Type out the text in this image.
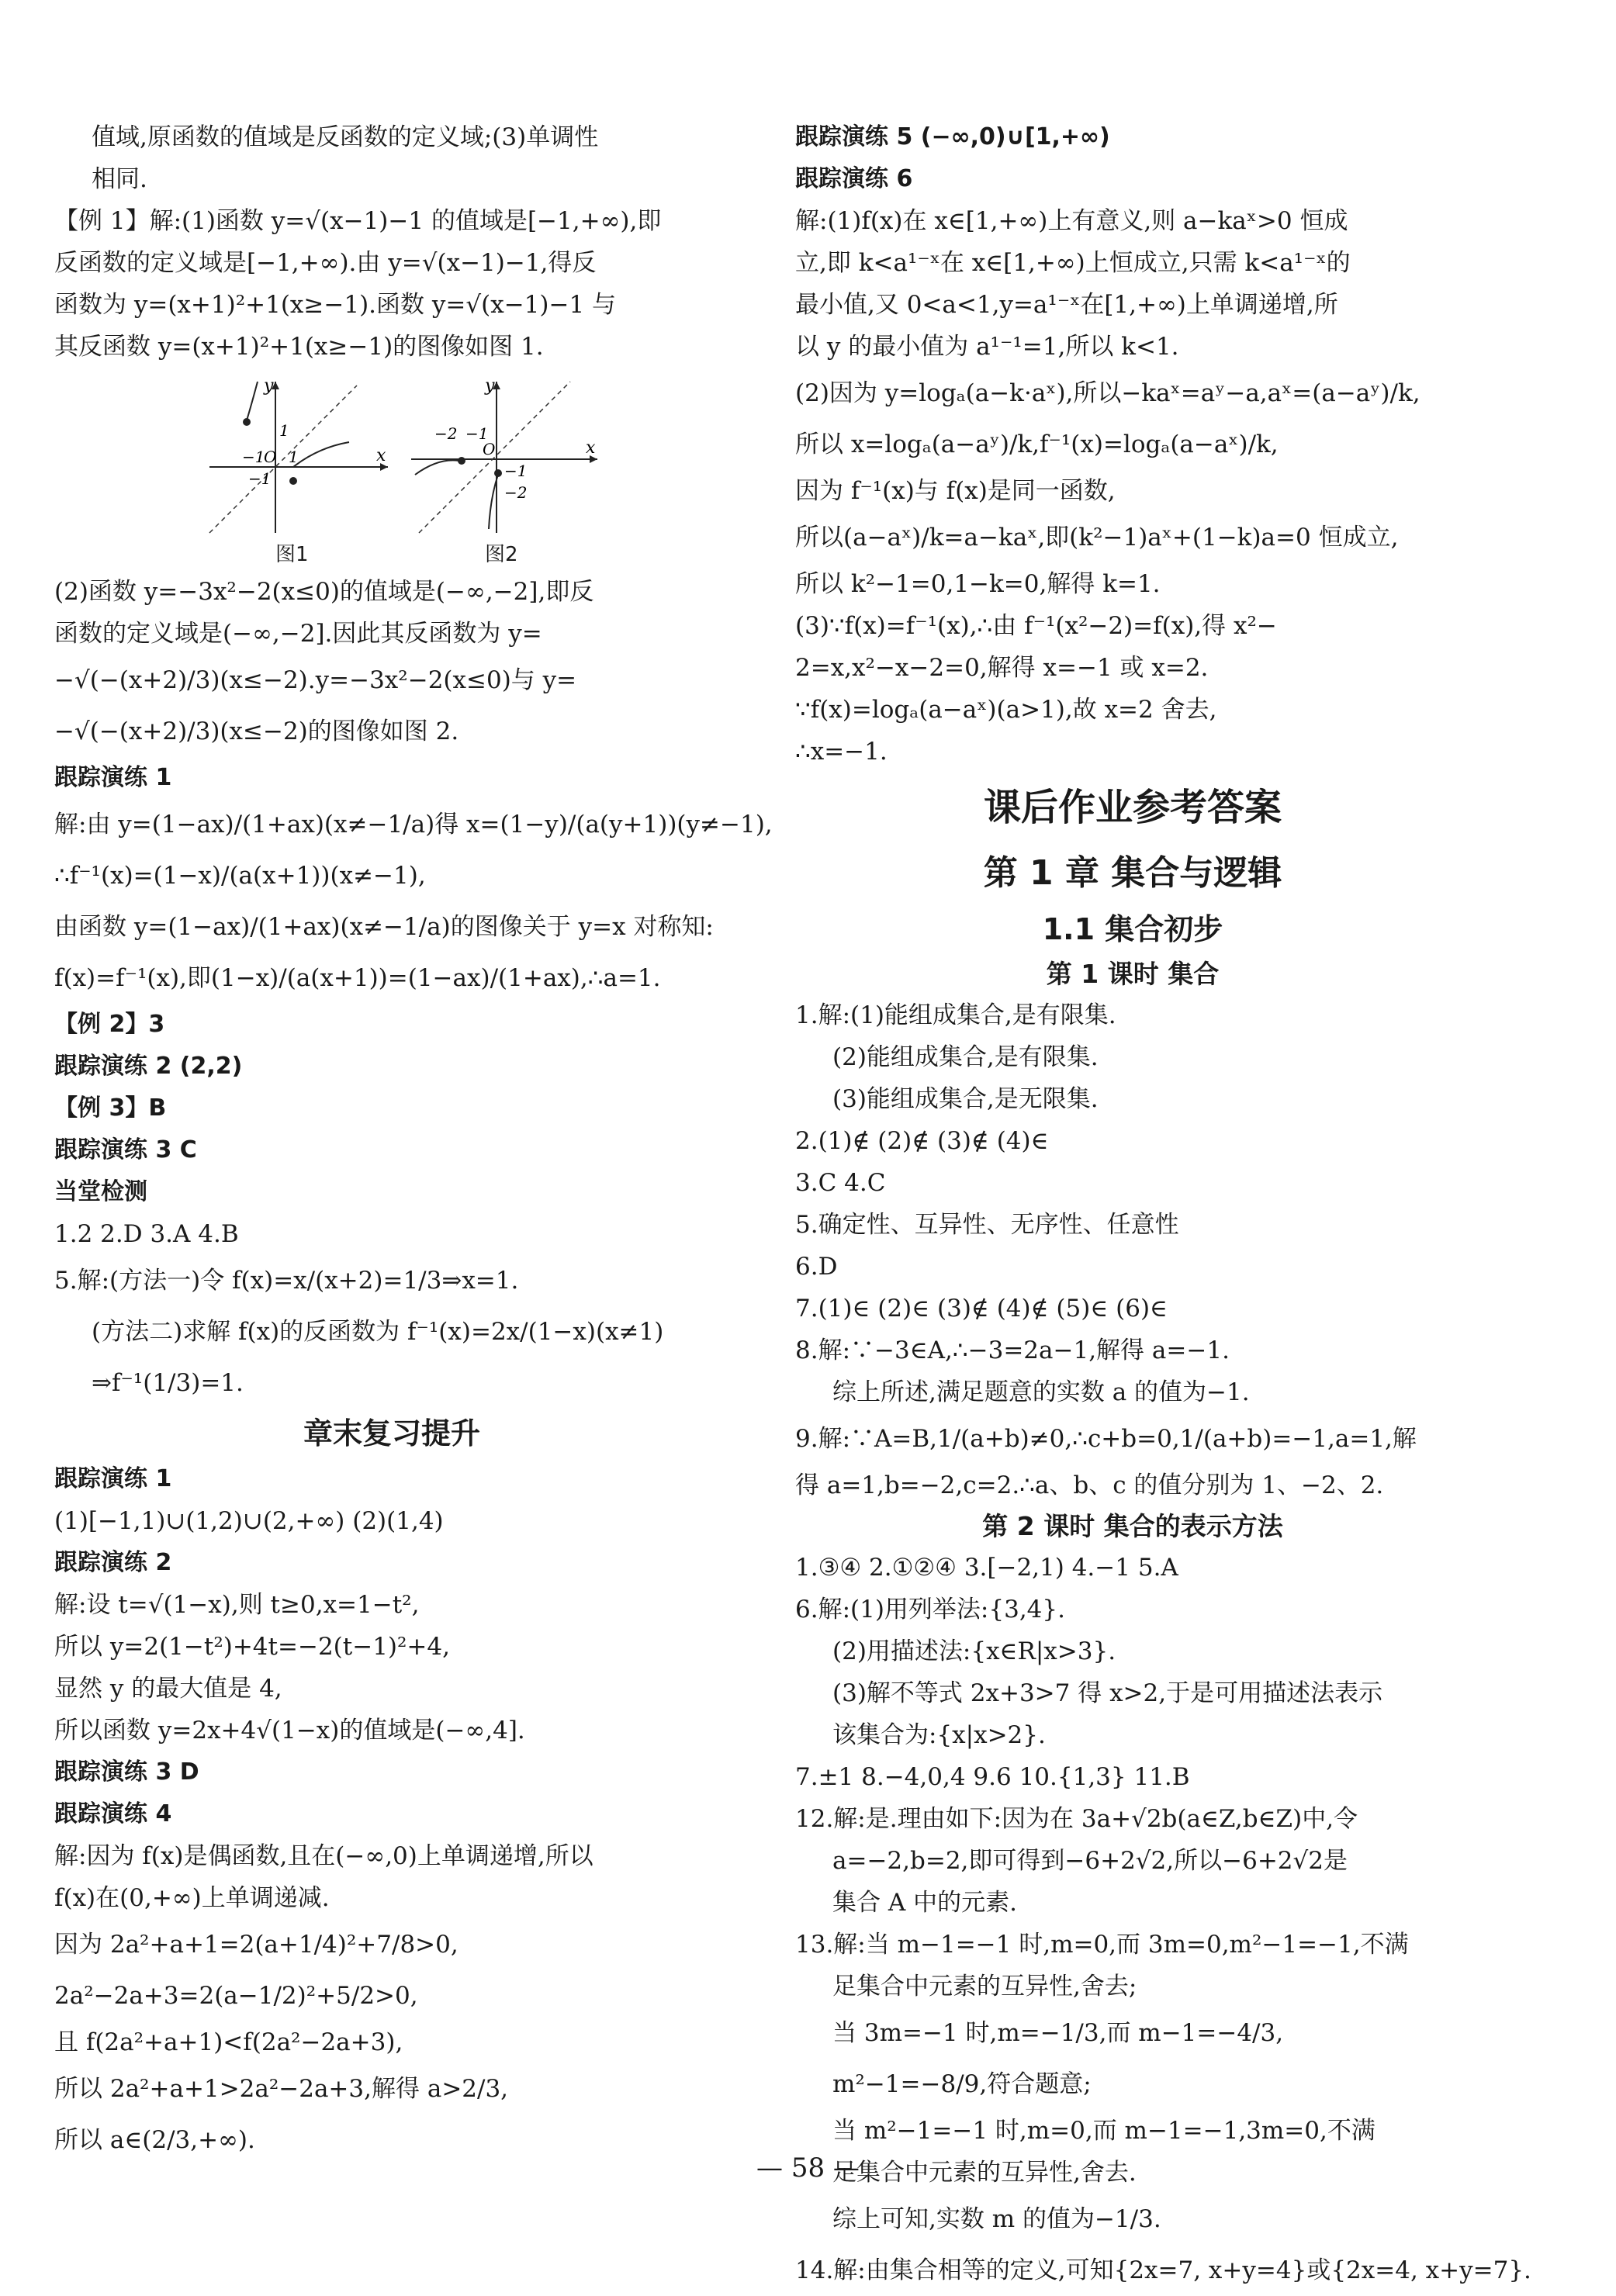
值域,原函数的值域是反函数的定义域;(3)单调性
相同.
【例 1】解:(1)函数 y=√(x−1)−1 的值域是[−1,+∞),即
反函数的定义域是[−1,+∞).由 y=√(x−1)−1,得反
函数为 y=(x+1)²+1(x≥−1).函数 y=√(x−1)−1 与
其反函数 y=(x+1)²+1(x≥−1)的图像如图 1.
y
1
−1
O 1
−1
x
图1
y
−2 −1
O	x
−1
−2
图2
(2)函数 y=−3x²−2(x≤0)的值域是(−∞,−2],即反
函数的定义域是(−∞,−2].因此其反函数为 y=
−√(−(x+2)/3)(x≤−2).y=−3x²−2(x≤0)与 y=
−√(−(x+2)/3)(x≤−2)的图像如图 2.
跟踪演练 1
解:由 y=(1−ax)/(1+ax)(x≠−1/a)得 x=(1−y)/(a(y+1))(y≠−1),
∴f⁻¹(x)=(1−x)/(a(x+1))(x≠−1),
由函数 y=(1−ax)/(1+ax)(x≠−1/a)的图像关于 y=x 对称知:
f(x)=f⁻¹(x),即(1−x)/(a(x+1))=(1−ax)/(1+ax),∴a=1.
【例 2】3
跟踪演练 2 (2,2)
【例 3】B
跟踪演练 3 C
当堂检测
1.2 2.D 3.A 4.B
5.解:(方法一)令 f(x)=x/(x+2)=1/3⇒x=1.
(方法二)求解 f(x)的反函数为 f⁻¹(x)=2x/(1−x)(x≠1)
⇒f⁻¹(1/3)=1.
章末复习提升
跟踪演练 1
(1)[−1,1)∪(1,2)∪(2,+∞) (2)(1,4)
跟踪演练 2
解:设 t=√(1−x),则 t≥0,x=1−t²,
所以 y=2(1−t²)+4t=−2(t−1)²+4,
显然 y 的最大值是 4,
所以函数 y=2x+4√(1−x)的值域是(−∞,4].
跟踪演练 3 D
跟踪演练 4
解:因为 f(x)是偶函数,且在(−∞,0)上单调递增,所以
f(x)在(0,+∞)上单调递减.
因为 2a²+a+1=2(a+1/4)²+7/8>0,
2a²−2a+3=2(a−1/2)²+5/2>0,
且 f(2a²+a+1)<f(2a²−2a+3),
所以 2a²+a+1>2a²−2a+3,解得 a>2/3,
所以 a∈(2/3,+∞).
跟踪演练 5 (−∞,0)∪[1,+∞)
跟踪演练 6
解:(1)f(x)在 x∈[1,+∞)上有意义,则 a−kaˣ>0 恒成
立,即 k<a¹⁻ˣ在 x∈[1,+∞)上恒成立,只需 k<a¹⁻ˣ的
最小值,又 0<a<1,y=a¹⁻ˣ在[1,+∞)上单调递增,所
以 y 的最小值为 a¹⁻¹=1,所以 k<1.
(2)因为 y=logₐ(a−k·aˣ),所以−kaˣ=aʸ−a,aˣ=(a−aʸ)/k,
所以 x=logₐ(a−aʸ)/k,f⁻¹(x)=logₐ(a−aˣ)/k,
因为 f⁻¹(x)与 f(x)是同一函数,
所以(a−aˣ)/k=a−kaˣ,即(k²−1)aˣ+(1−k)a=0 恒成立,
所以 k²−1=0,1−k=0,解得 k=1.
(3)∵f(x)=f⁻¹(x),∴由 f⁻¹(x²−2)=f(x),得 x²−
2=x,x²−x−2=0,解得 x=−1 或 x=2.
∵f(x)=logₐ(a−aˣ)(a>1),故 x=2 舍去,
∴x=−1.
课后作业参考答案
第 1 章 集合与逻辑
1.1 集合初步
第 1 课时 集合
1.解:(1)能组成集合,是有限集.
(2)能组成集合,是有限集.
(3)能组成集合,是无限集.
2.(1)∉ (2)∉ (3)∉ (4)∈
3.C 4.C
5.确定性、互异性、无序性、任意性
6.D
7.(1)∈ (2)∈ (3)∉ (4)∉ (5)∈ (6)∈
8.解:∵−3∈A,∴−3=2a−1,解得 a=−1.
综上所述,满足题意的实数 a 的值为−1.
9.解:∵A=B,1/(a+b)≠0,∴c+b=0,1/(a+b)=−1,a=1,解
得 a=1,b=−2,c=2.∴a、b、c 的值分别为 1、−2、2.
第 2 课时 集合的表示方法
1.③④ 2.①②④ 3.[−2,1) 4.−1 5.A
6.解:(1)用列举法:{3,4}.
(2)用描述法:{x∈R|x>3}.
(3)解不等式 2x+3>7 得 x>2,于是可用描述法表示
该集合为:{x|x>2}.
7.±1 8.−4,0,4 9.6 10.{1,3} 11.B
12.解:是.理由如下:因为在 3a+√2b(a∈Z,b∈Z)中,令
a=−2,b=2,即可得到−6+2√2,所以−6+2√2是
集合 A 中的元素.
13.解:当 m−1=−1 时,m=0,而 3m=0,m²−1=−1,不满
足集合中元素的互异性,舍去;
当 3m=−1 时,m=−1/3,而 m−1=−4/3,
m²−1=−8/9,符合题意;
当 m²−1=−1 时,m=0,而 m−1=−1,3m=0,不满
足集合中元素的互异性,舍去.
综上可知,实数 m 的值为−1/3.
14.解:由集合相等的定义,可知{2x=7, x+y=4}或{2x=4, x+y=7}.
— 58 —
